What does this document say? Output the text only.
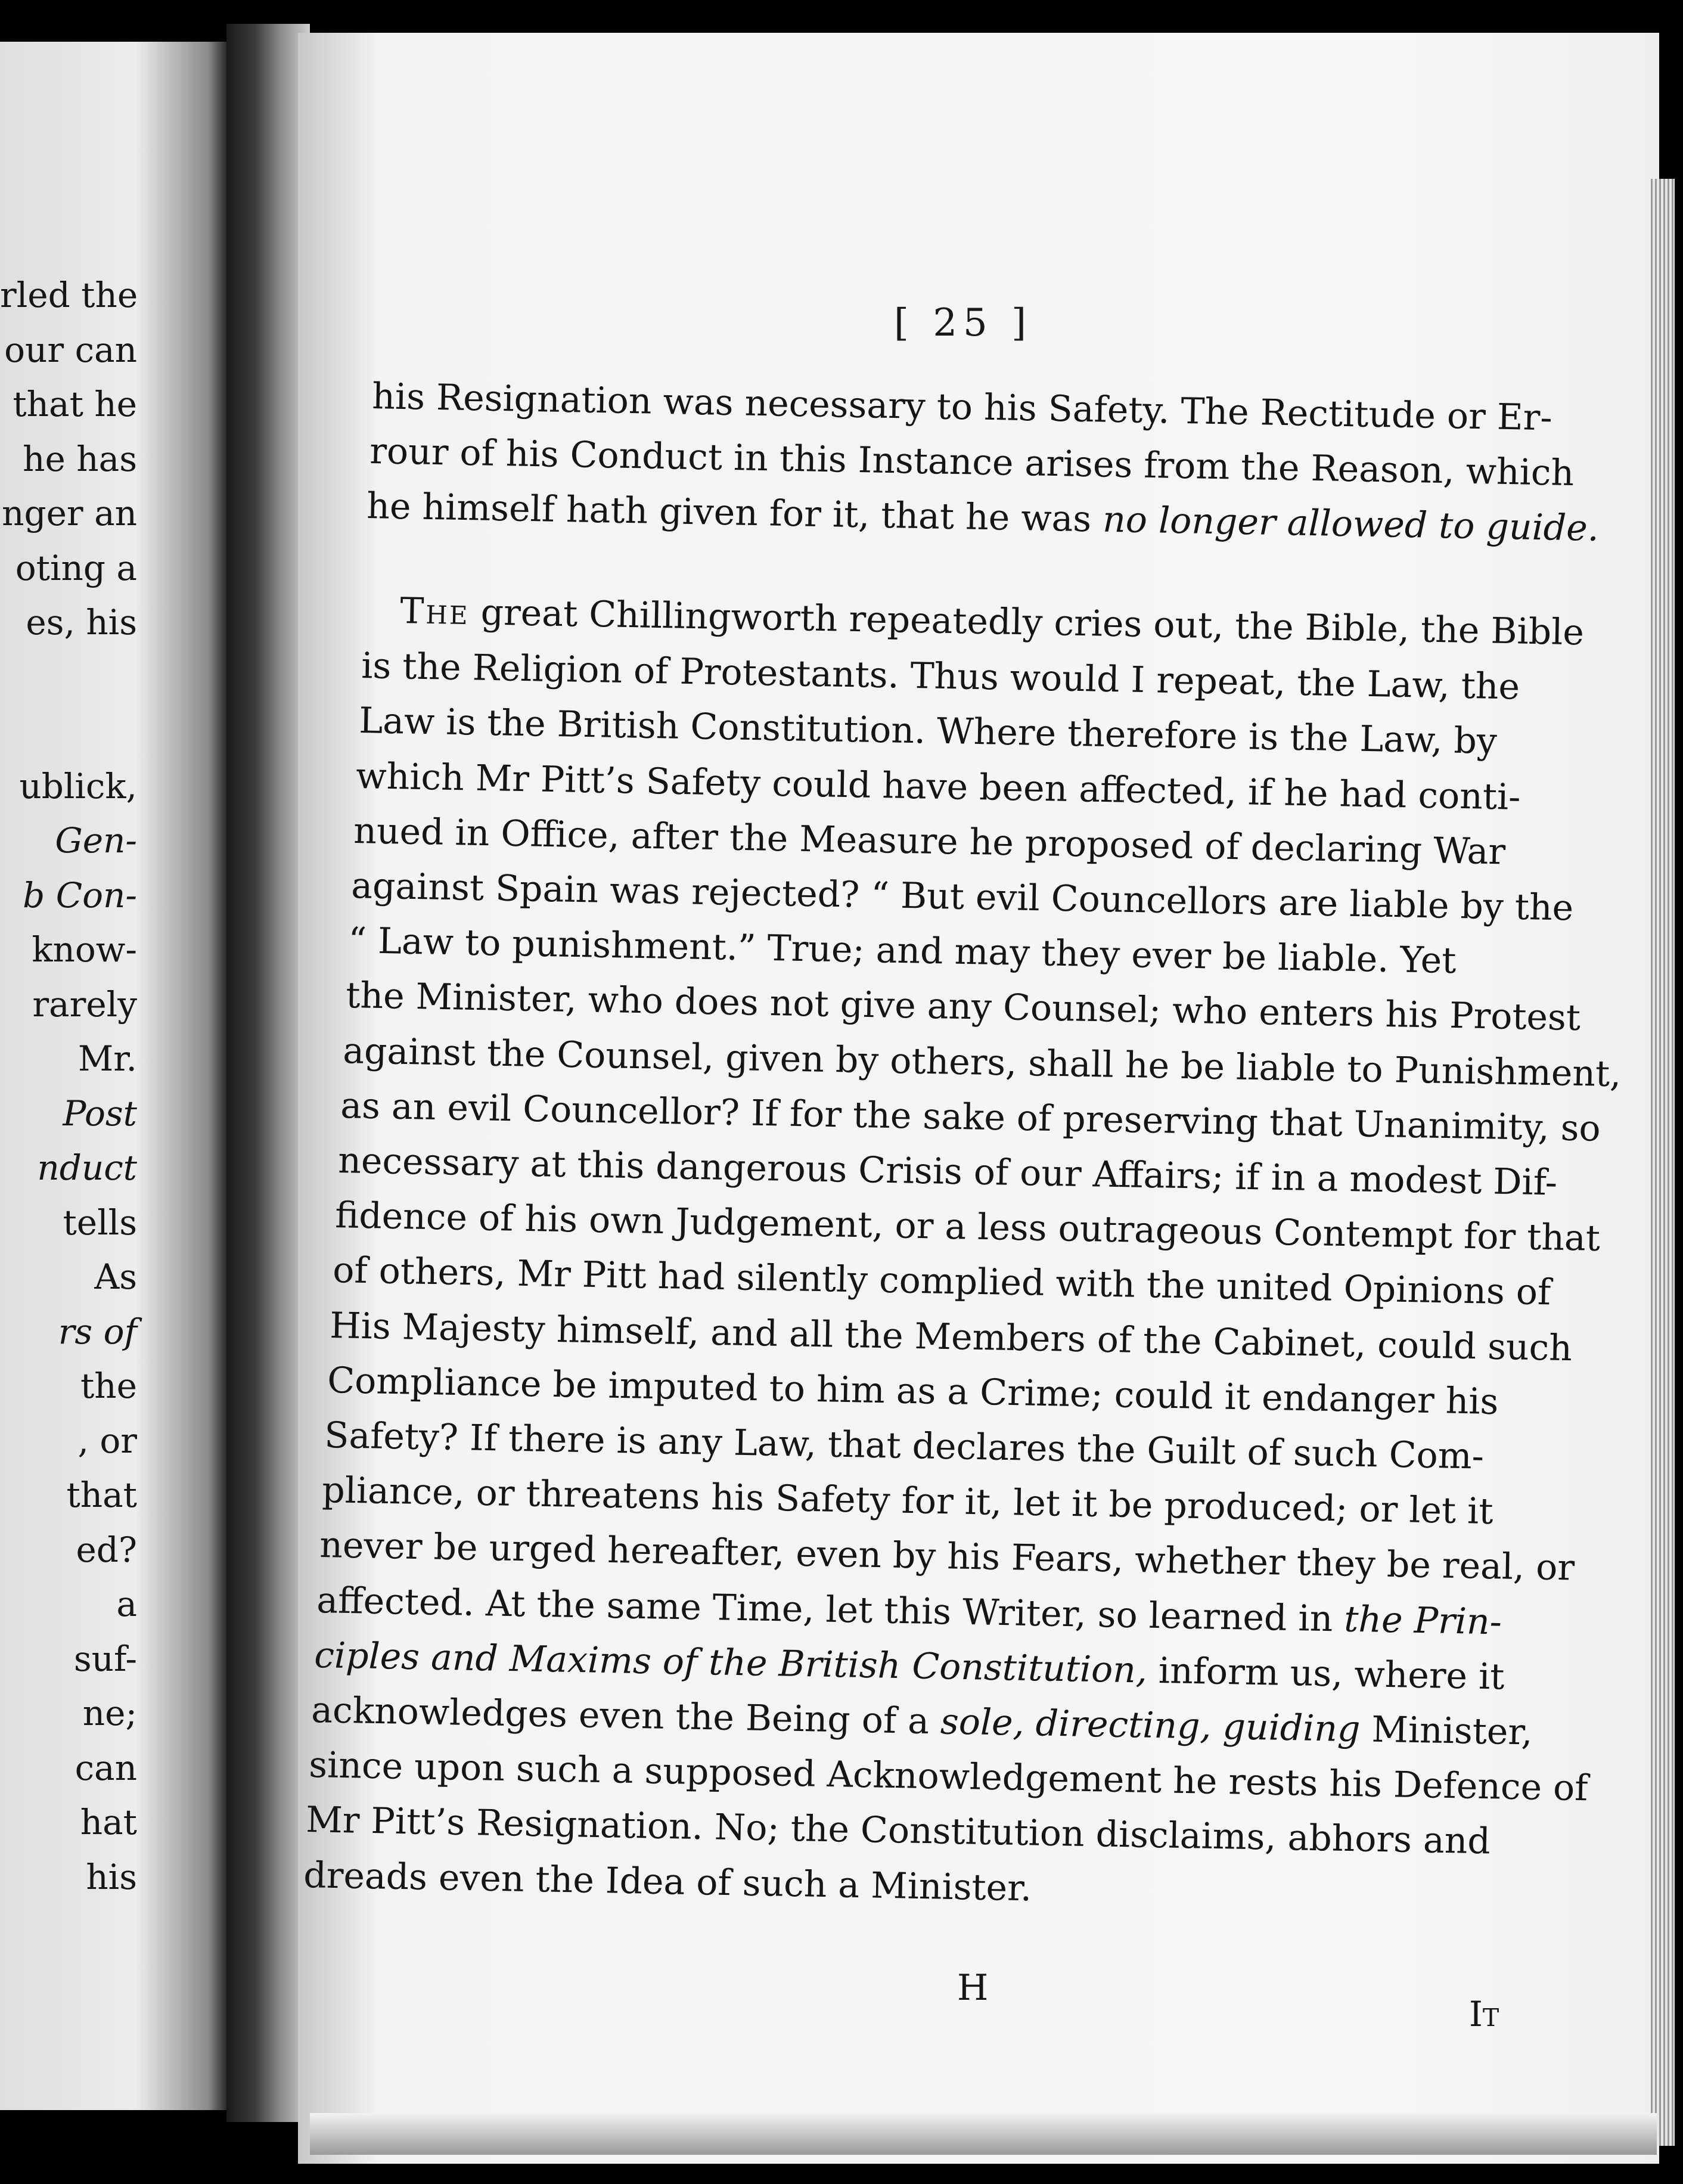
rled the
our can
that he
he has
nger an
oting a
es, his
ublick,
Gen-
b Con-
know-
rarely
Mr.
Post
nduct
tells
As
rs of
the
, or
that
ed?
a
suf-
ne;
can
hat
his
[ 25 ]
his Resignation was necessary to his Safety. The Rectitude or Er-
rour of his Conduct in this Instance arises from the Reason, which
he himself hath given for it, that he was no longer allowed to guide.
The great Chillingworth repeatedly cries out, the Bible, the Bible
is the Religion of Protestants. Thus would I repeat, the Law, the
Law is the British Constitution. Where therefore is the Law, by
which Mr Pitt’s Safety could have been affected, if he had conti-
nued in Office, after the Measure he proposed of declaring War
against Spain was rejected? “ But evil Councellors are liable by the
“ Law to punishment.” True; and may they ever be liable. Yet
the Minister, who does not give any Counsel; who enters his Protest
against the Counsel, given by others, shall he be liable to Punishment,
as an evil Councellor? If for the sake of preserving that Unanimity, so
necessary at this dangerous Crisis of our Affairs; if in a modest Dif-
fidence of his own Judgement, or a less outrageous Contempt for that
of others, Mr Pitt had silently complied with the united Opinions of
His Majesty himself, and all the Members of the Cabinet, could such
Compliance be imputed to him as a Crime; could it endanger his
Safety? If there is any Law, that declares the Guilt of such Com-
pliance, or threatens his Safety for it, let it be produced; or let it
never be urged hereafter, even by his Fears, whether they be real, or
affected. At the same Time, let this Writer, so learned in the Prin-
ciples and Maxims of the British Constitution, inform us, where it
acknowledges even the Being of a sole, directing, guiding Minister,
since upon such a supposed Acknowledgement he rests his Defence of
Mr Pitt’s Resignation. No; the Constitution disclaims, abhors and
dreads even the Idea of such a Minister.
H
It
